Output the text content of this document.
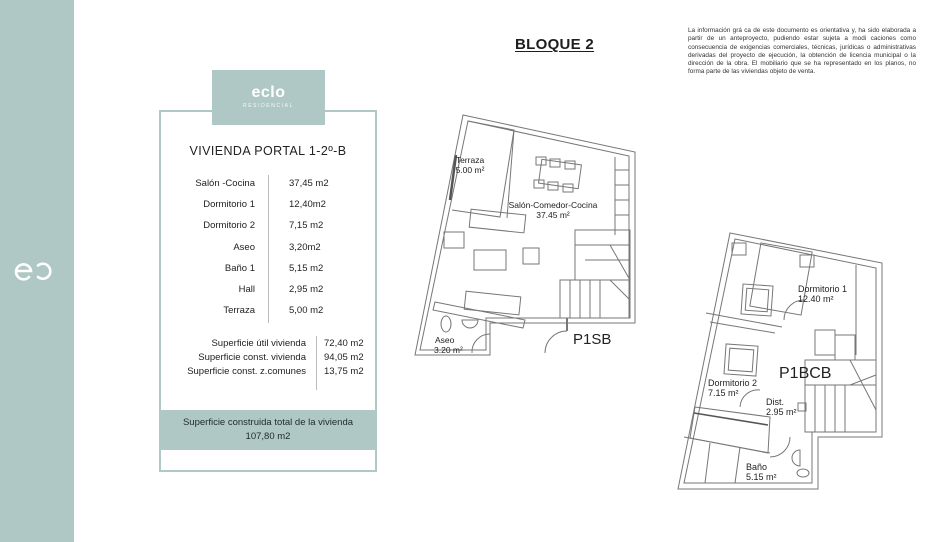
BLOQUE 2
La información grá ca de este documento es orientativa y, ha sido elaborada a partir de un anteproyecto, pudiendo estar sujeta a modi caciones como consecuencia de exigencias comerciales, técnicas, jurídicas o administrativas derivadas del proyecto de ejecución, la obtención de licencia municipal o la dirección de la obra. El mobiliario que se ha representado en los planos, no forma parte de las viviendas objeto de venta.
VIVIENDA PORTAL 1-2º-B
Salón -Cocina	37,45 m2
Dormitorio 1	12,40m2
Dormitorio 2	7,15 m2
Aseo	3,20m2
Baño 1	5,15 m2
Hall	2,95 m2
Terraza	5,00 m2
Superficie útil vivienda 72,40 m2
Superficie const. vivienda 94,05 m2
Superficie const. z.comunes 13,75 m2
Superficie construida total de la vivienda
107,80 m2
eclo
RESIDENCIAL
Terraza
5.00 m²
Salón-Comedor-Cocina
37.45 m²
Aseo
3.20 m²
P1SB
Dormitorio 1
12.40 m²
Dormitorio 2
7.15 m²
Dist.
2.95 m²
Baño
5.15 m²
P1BCB
